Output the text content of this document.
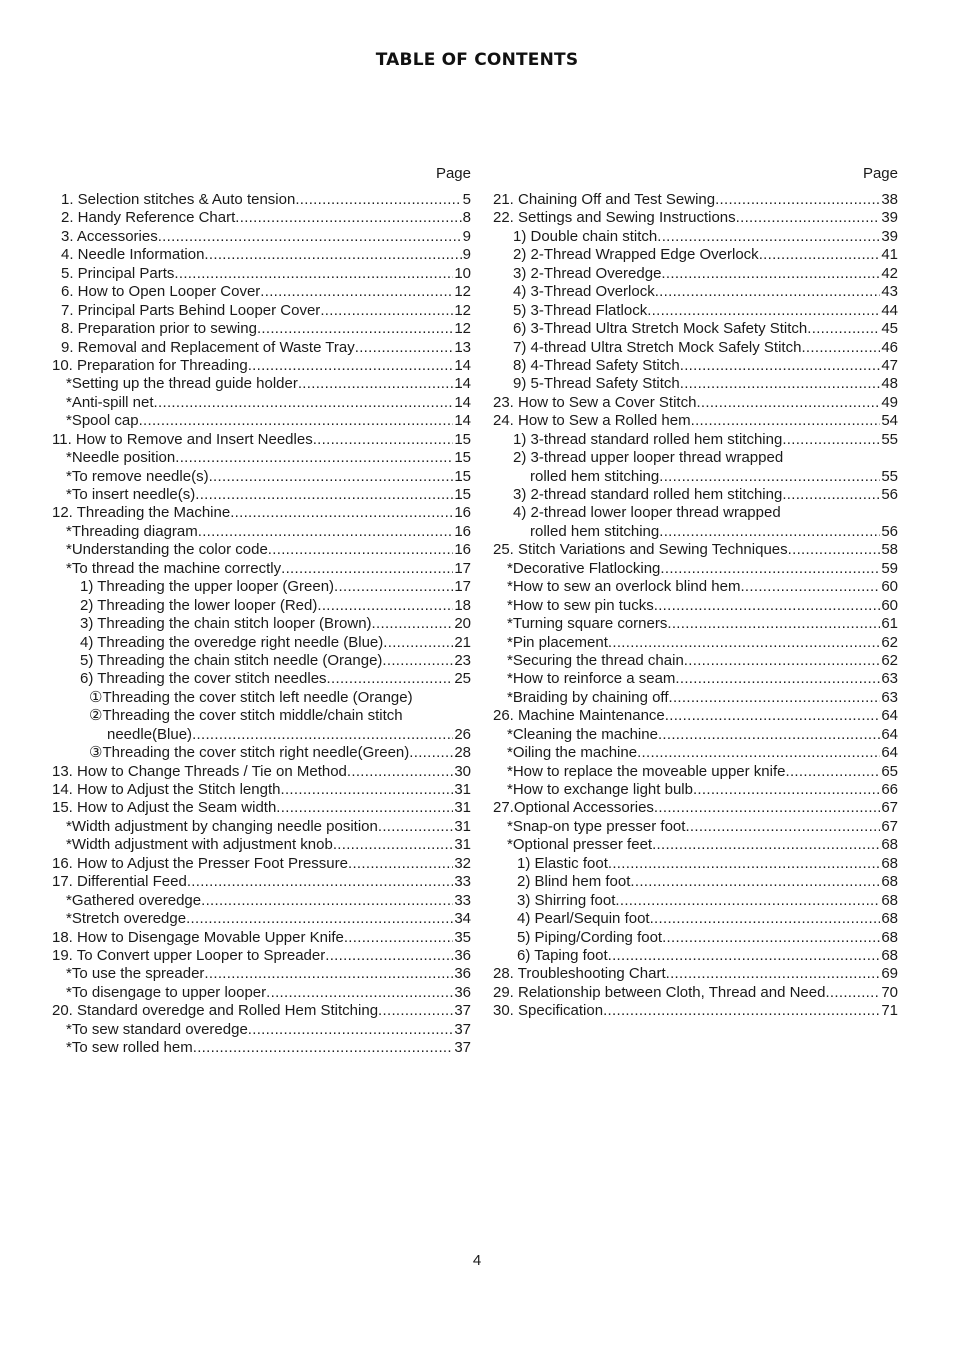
TABLE OF CONTENTS
Page
1. Selection stitches & Auto tension .....	5
2. Handy Reference Chart .....	8
3. Accessories .....	9
4. Needle Information .....	9
5. Principal Parts .....	10
6. How to Open Looper Cover .....	12
7. Principal Parts Behind Looper Cover .....	12
8. Preparation prior to sewing .....	12
9. Removal and Replacement of Waste Tray .....	13
10. Preparation for Threading .....	14
*Setting up the thread guide holder .....	14
*Anti-spill net .....	14
*Spool cap .....	14
11. How to Remove and Insert Needles .....	15
*Needle position .....	15
*To remove needle(s) .....	15
*To insert needle(s) .....	15
12. Threading the Machine .....	16
*Threading diagram .....	16
*Understanding the color code .....	16
*To thread the machine correctly .....	17
1) Threading the upper looper (Green) .....	17
2) Threading the lower looper (Red) .....	18
3) Threading the chain stitch looper (Brown) .....	20
4) Threading the overedge right needle (Blue) .....	21
5) Threading the chain stitch needle (Orange) .....	23
6) Threading the cover stitch needles .....	25
①Threading the cover stitch left needle (Orange)
②Threading the cover stitch middle/chain stitch
needle(Blue) .....	26
③Threading the cover stitch right needle(Green) .....	28
13. How to Change Threads / Tie on Method .....	30
14. How to Adjust the Stitch length .....	31
15. How to Adjust the Seam width .....	31
*Width adjustment by changing needle position .....	31
*Width adjustment with adjustment knob .....	31
16. How to Adjust the Presser Foot Pressure .....	32
17. Differential Feed .....	33
*Gathered overedge .....	33
*Stretch overedge .....	34
18. How to Disengage Movable Upper Knife .....	35
19. To Convert upper Looper to Spreader .....	36
*To use the spreader .....	36
*To disengage to upper looper .....	36
20. Standard overedge and Rolled Hem Stitching .....	37
*To sew standard overedge .....	37
*To sew rolled hem .....	37
Page
21. Chaining Off and Test Sewing .....	38
22. Settings and Sewing Instructions .....	39
1) Double chain stitch .....	39
2) 2-Thread Wrapped Edge Overlock .....	41
3) 2-Thread Overedge .....	42
4) 3-Thread Overlock .....	43
5) 3-Thread Flatlock .....	44
6) 3-Thread Ultra Stretch Mock Safety Stitch .....	45
7) 4-thread Ultra Stretch Mock Safely Stitch .....	46
8) 4-Thread Safety Stitch .....	47
9) 5-Thread Safety Stitch .....	48
23. How to Sew a Cover Stitch .....	49
24. How to Sew a Rolled hem .....	54
1) 3-thread standard rolled hem stitching .....	55
2) 3-thread upper looper thread wrapped
rolled hem stitching .....	55
3) 2-thread standard rolled hem stitching .....	56
4) 2-thread lower looper thread wrapped
rolled hem stitching .....	56
25. Stitch Variations and Sewing Techniques .....	58
*Decorative Flatlocking .....	59
*How to sew an overlock blind hem .....	60
*How to sew pin tucks .....	60
*Turning square corners .....	61
*Pin placement .....	62
*Securing the thread chain .....	62
*How to reinforce a seam .....	63
*Braiding by chaining off .....	63
26. Machine Maintenance .....	64
*Cleaning the machine .....	64
*Oiling the machine .....	64
*How to replace the moveable upper knife .....	65
*How to exchange light bulb .....	66
27.Optional Accessories .....	67
*Snap-on type presser foot .....	67
*Optional presser feet .....	68
1) Elastic foot .....	68
2) Blind hem foot .....	68
3) Shirring foot .....	68
4) Pearl/Sequin foot .....	68
5) Piping/Cording foot .....	68
6) Taping foot .....	68
28. Troubleshooting Chart .....	69
29. Relationship between Cloth, Thread and Need .....	70
30. Specification .....	71
4
